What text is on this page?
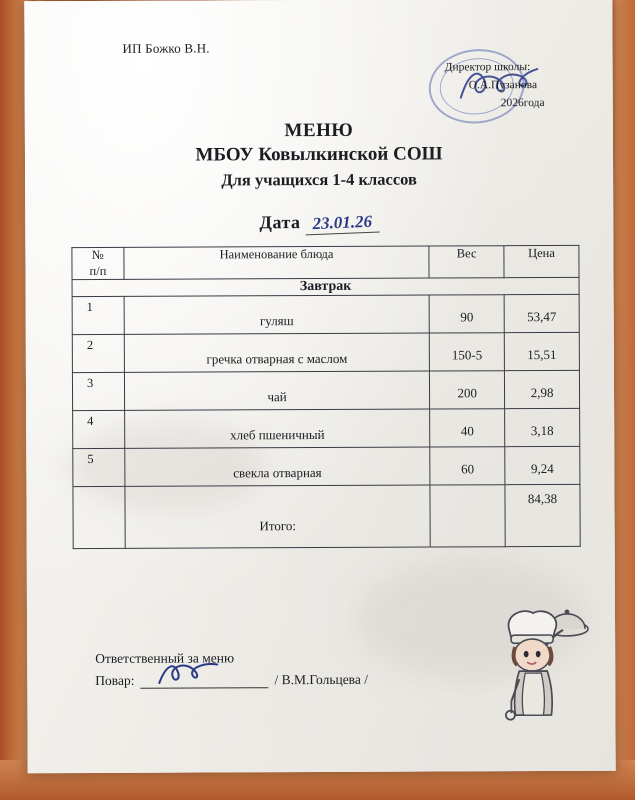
ИП Божко В.Н.
Директор школы:
О.А.Пузанова
2026года
МЕНЮ
МБОУ Ковылкинской СОШ
Для учащихся 1-4 классов
Дата 23.01.26
№
п/п	Наименование блюда	Вес	Цена
Завтрак			

1	гуляш	90	53,47

2	гречка отварная с маслом	150-5	15,51

3	чай	200	2,98

4	хлеб пшеничный	40	3,18

5	свекла отварная	60	9,24

	Итого:		84,38
Ответственный за меню
Повар:	/ В.М.Гольцева /
